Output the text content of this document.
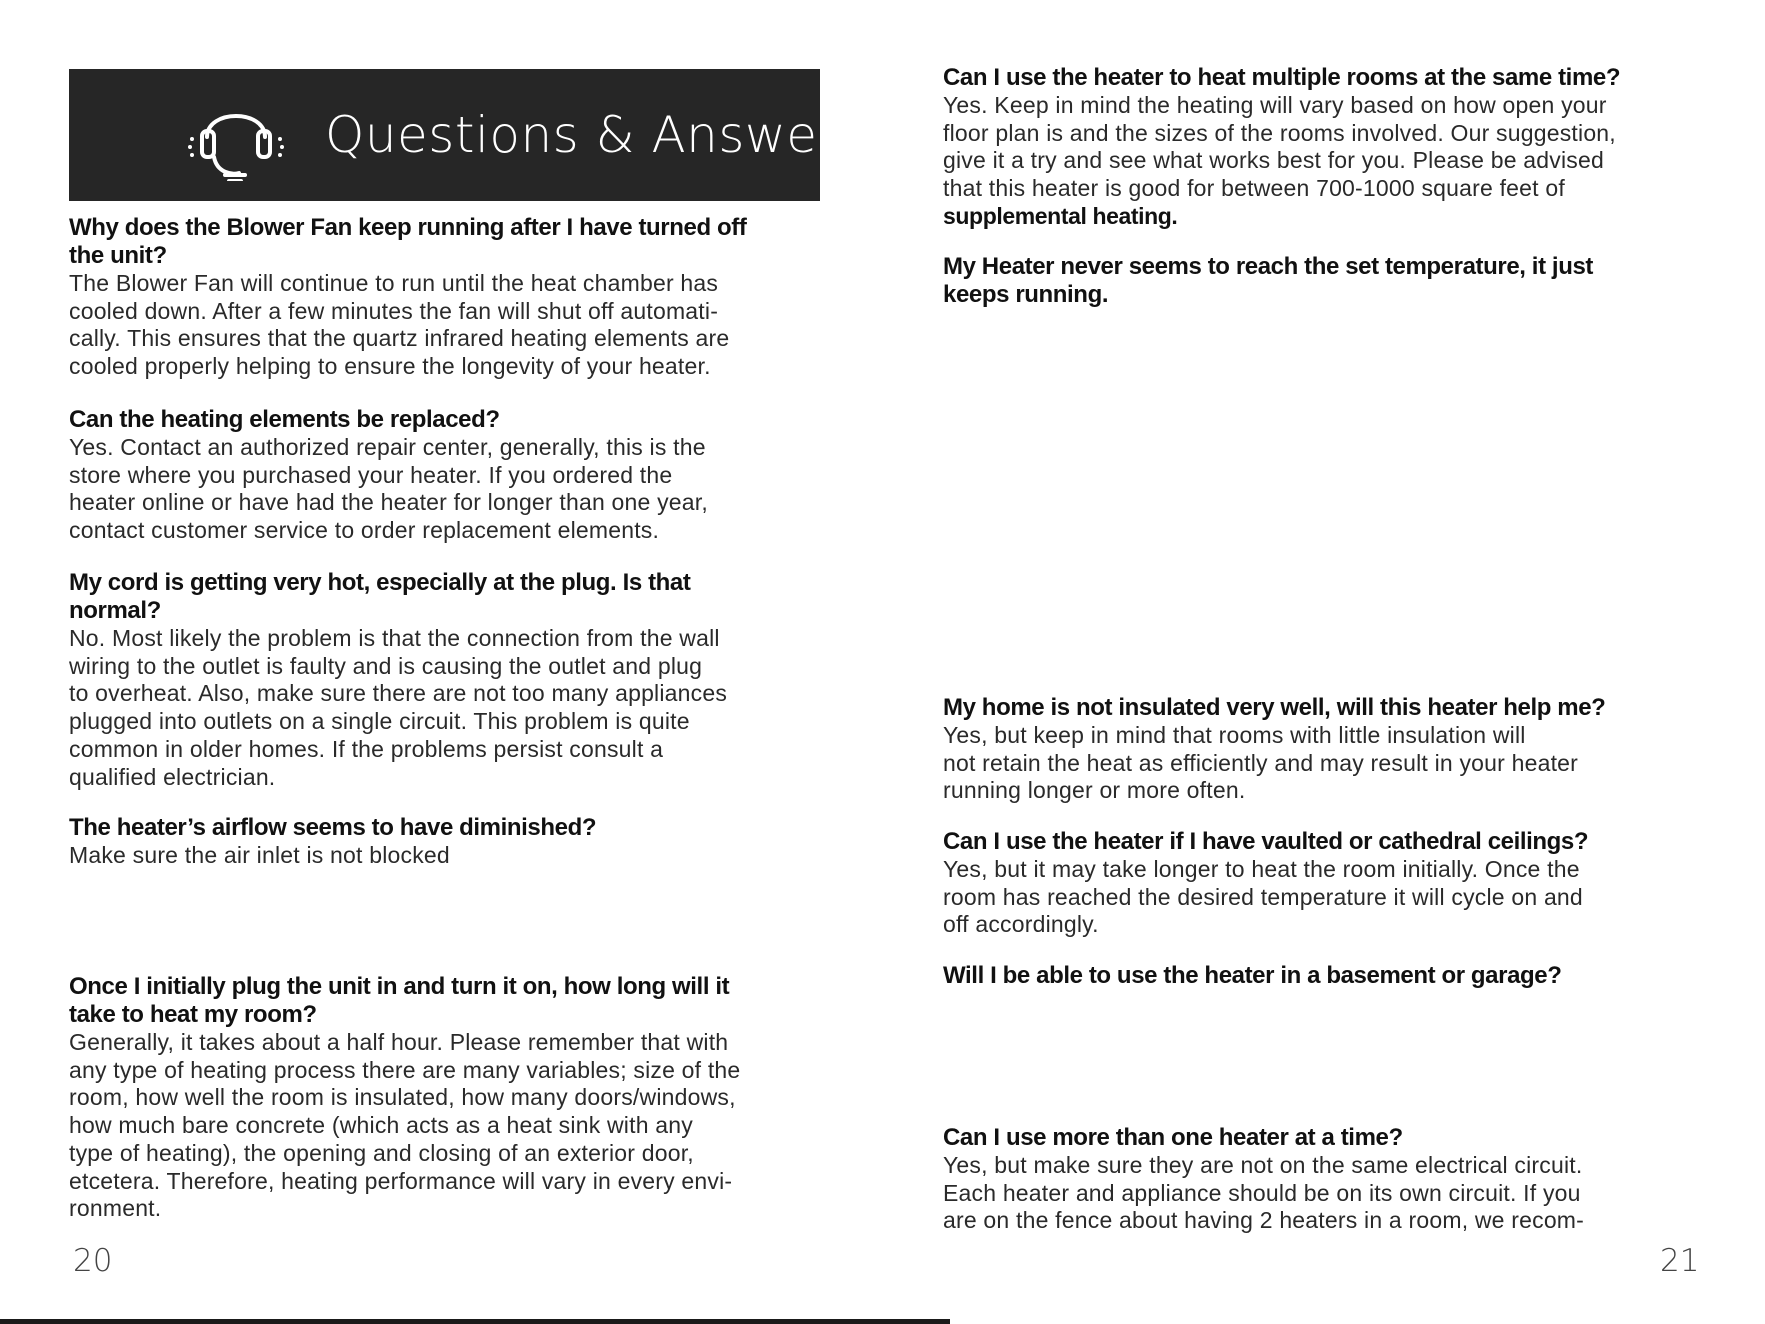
Questions & Answers
Why does the Blower Fan keep running after I have turned off
the unit?
The Blower Fan will continue to run until the heat chamber has
cooled down. After a few minutes the fan will shut off automati-
cally. This ensures that the quartz infrared heating elements are
cooled properly helping to ensure the longevity of your heater.
Can the heating elements be replaced?
Yes. Contact an authorized repair center, generally, this is the
store where you purchased your heater. If you ordered the
heater online or have had the heater for longer than one year,
contact customer service to order replacement elements.
My cord is getting very hot, especially at the plug. Is that
normal?
No. Most likely the problem is that the connection from the wall
wiring to the outlet is faulty and is causing the outlet and plug
to overheat. Also, make sure there are not too many appliances
plugged into outlets on a single circuit. This problem is quite
common in older homes. If the problems persist consult a
qualified electrician.
The heater’s airflow seems to have diminished?
Make sure the air inlet is not blocked
Once I initially plug the unit in and turn it on, how long will it
take to heat my room?
Generally, it takes about a half hour. Please remember that with
any type of heating process there are many variables; size of the
room, how well the room is insulated, how many doors/windows,
how much bare concrete (which acts as a heat sink with any
type of heating), the opening and closing of an exterior door,
etcetera. Therefore, heating performance will vary in every envi-
ronment.
20
Can I use the heater to heat multiple rooms at the same time?
Yes. Keep in mind the heating will vary based on how open your
floor plan is and the sizes of the rooms involved. Our suggestion,
give it a try and see what works best for you. Please be advised
that this heater is good for between 700-1000 square feet of
supplemental heating.
My Heater never seems to reach the set temperature, it just
keeps running.
My home is not insulated very well, will this heater help me?
Yes, but keep in mind that rooms with little insulation will
not retain the heat as efficiently and may result in your heater
running longer or more often.
Can I use the heater if I have vaulted or cathedral ceilings?
Yes, but it may take longer to heat the room initially. Once the
room has reached the desired temperature it will cycle on and
off accordingly.
Will I be able to use the heater in a basement or garage?
Can I use more than one heater at a time?
Yes, but make sure they are not on the same electrical circuit.
Each heater and appliance should be on its own circuit. If you
are on the fence about having 2 heaters in a room, we recom-
21
